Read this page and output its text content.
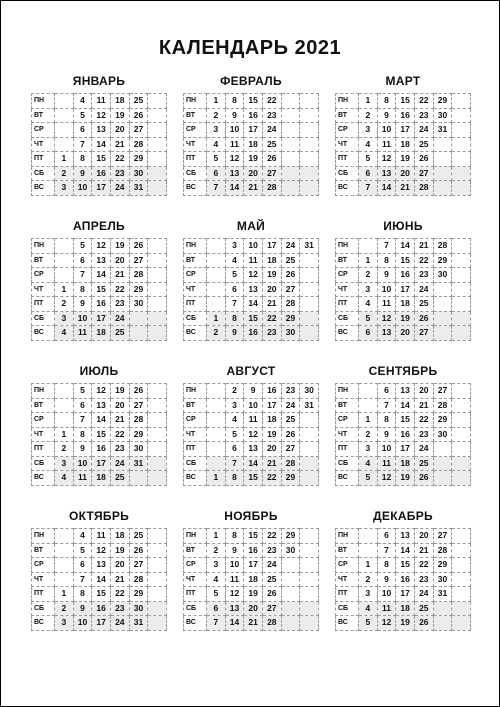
КАЛЕНДАРЬ 2021
ЯНВАРЬ
ПН		4	11	18	25	
ВТ		5	12	19	26	
СР		6	13	20	27	
ЧТ		7	14	21	28	
ПТ	1	8	15	22	29	
СБ	2	9	16	23	30	
ВС	3	10	17	24	31	
ФЕВРАЛЬ
ПН	1	8	15	22		
ВТ	2	9	16	23		
СР	3	10	17	24		
ЧТ	4	11	18	25		
ПТ	5	12	19	26		
СБ	6	13	20	27		
ВС	7	14	21	28		
МАРТ
ПН	1	8	15	22	29	
ВТ	2	9	16	23	30	
СР	3	10	17	24	31	
ЧТ	4	11	18	25		
ПТ	5	12	19	26		
СБ	6	13	20	27		
ВС	7	14	21	28		
АПРЕЛЬ
ПН		5	12	19	26	
ВТ		6	13	20	27	
СР		7	14	21	28	
ЧТ	1	8	15	22	29	
ПТ	2	9	16	23	30	
СБ	3	10	17	24		
ВС	4	11	18	25		
МАЙ
ПН		3	10	17	24	31
ВТ		4	11	18	25	
СР		5	12	19	26	
ЧТ		6	13	20	27	
ПТ		7	14	21	28	
СБ	1	8	15	22	29	
ВС	2	9	16	23	30	
ИЮНЬ
ПН		7	14	21	28	
ВТ	1	8	15	22	29	
СР	2	9	16	23	30	
ЧТ	3	10	17	24		
ПТ	4	11	18	25		
СБ	5	12	19	26		
ВС	6	13	20	27		
ИЮЛЬ
ПН		5	12	19	26	
ВТ		6	13	20	27	
СР		7	14	21	28	
ЧТ	1	8	15	22	29	
ПТ	2	9	16	23	30	
СБ	3	10	17	24	31	
ВС	4	11	18	25		
АВГУСТ
ПН		2	9	16	23	30
ВТ		3	10	17	24	31
СР		4	11	18	25	
ЧТ		5	12	19	26	
ПТ		6	13	20	27	
СБ		7	14	21	28	
ВС	1	8	15	22	29	
СЕНТЯБРЬ
ПН		6	13	20	27	
ВТ		7	14	21	28	
СР	1	8	15	22	29	
ЧТ	2	9	16	23	30	
ПТ	3	10	17	24		
СБ	4	11	18	25		
ВС	5	12	19	26		
ОКТЯБРЬ
ПН		4	11	18	25	
ВТ		5	12	19	26	
СР		6	13	20	27	
ЧТ		7	14	21	28	
ПТ	1	8	15	22	29	
СБ	2	9	16	23	30	
ВС	3	10	17	24	31	
НОЯБРЬ
ПН	1	8	15	22	29	
ВТ	2	9	16	23	30	
СР	3	10	17	24		
ЧТ	4	11	18	25		
ПТ	5	12	19	26		
СБ	6	13	20	27		
ВС	7	14	21	28		
ДЕКАБРЬ
ПН		6	13	20	27	
ВТ		7	14	21	28	
СР	1	8	15	22	29	
ЧТ	2	9	16	23	30	
ПТ	3	10	17	24	31	
СБ	4	11	18	25		
ВС	5	12	19	26		
